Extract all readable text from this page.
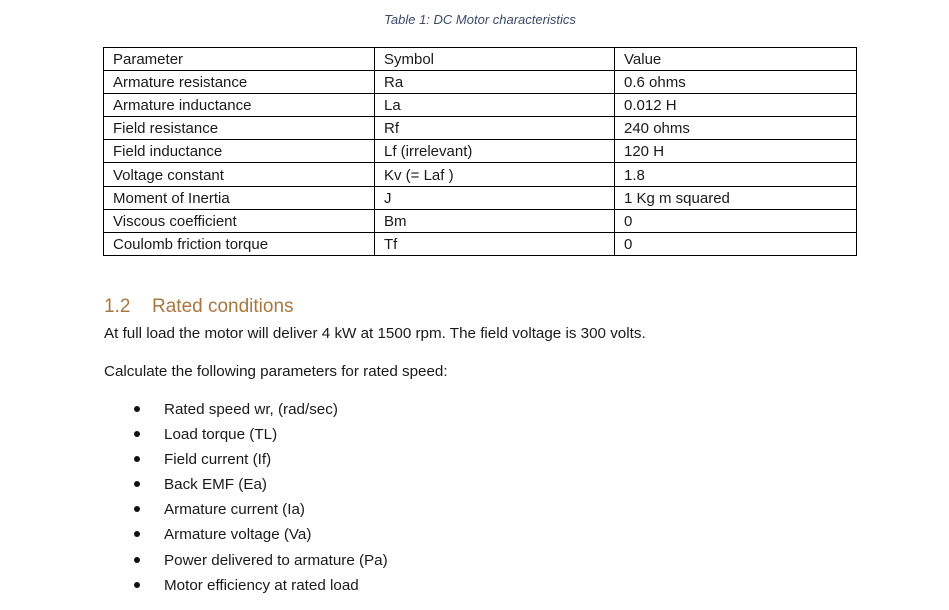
Table 1: DC Motor characteristics
Parameter	Symbol	Value
Armature resistance	Ra	0.6 ohms
Armature inductance	La	0.012 H
Field resistance	Rf	240 ohms
Field inductance	Lf (irrelevant)	120 H
Voltage constant	Kv (= Laf )	1.8
Moment of Inertia	J	1 Kg m squared
Viscous coefficient	Bm	0
Coulomb friction torque	Tf	0
1.2 Rated conditions
At full load the motor will deliver 4 kW at 1500 rpm. The field voltage is 300 volts.
Calculate the following parameters for rated speed:
Rated speed wr, (rad/sec)
Load torque (TL)
Field current (If)
Back EMF (Ea)
Armature current (Ia)
Armature voltage (Va)
Power delivered to armature (Pa)
Motor efficiency at rated load
